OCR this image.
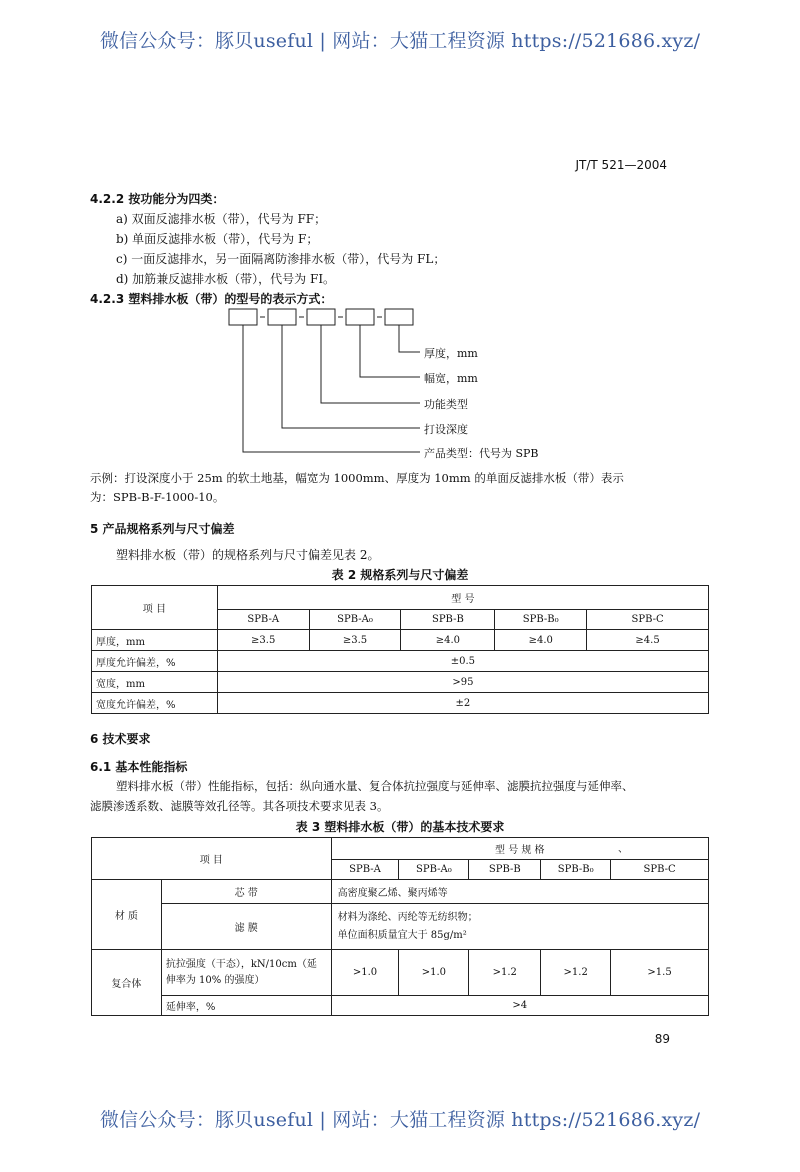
微信公众号：豚贝useful | 网站：大猫工程资源 https://521686.xyz/
JT/T 521—2004
4.2.2 按功能分为四类：
a) 双面反滤排水板（带），代号为 FF；
b) 单面反滤排水板（带），代号为 F；
c) 一面反滤排水，另一面隔离防渗排水板（带），代号为 FL；
d) 加筋兼反滤排水板（带），代号为 FI。
4.2.3 塑料排水板（带）的型号的表示方式：
厚度，mm
幅宽，mm
功能类型
打设深度
产品类型：代号为 SPB
示例：打设深度小于 25m 的软土地基，幅宽为 1000mm、厚度为 10mm 的单面反滤排水板（带）表示
为：SPB-B-F-1000-10。
5 产品规格系列与尺寸偏差
塑料排水板（带）的规格系列与尺寸偏差见表 2。
表 2 规格系列与尺寸偏差
项 目	型 号				
	SPB-A	SPB-A₀	SPB-B	SPB-B₀	SPB-C
厚度，mm	≥3.5	≥3.5	≥4.0	≥4.0	≥4.5
厚度允许偏差，%	±0.5				
宽度，mm	>95				
宽度允许偏差，%	±2				
6 技术要求
6.1 基本性能指标
塑料排水板（带）性能指标，包括：纵向通水量、复合体抗拉强度与延伸率、滤膜抗拉强度与延伸率、
滤膜渗透系数、滤膜等效孔径等。其各项技术要求见表 3。
表 3 塑料排水板（带）的基本技术要求
项 目		型 号 规 格 、				

		SPB-A	SPB-A₀	SPB-B	SPB-B₀	SPB-C
材 质	芯 带	高密度聚乙烯、聚丙烯等				
	滤 膜	材料为涤纶、丙纶等无纺织物；
单位面积质量宜大于 85g/m²				

复合体	抗拉强度（干态），kN/10cm（延伸率为 10% 的强度）	>1.0	>1.0	>1.2	>1.2	>1.5
	延伸率，%	>4				
89
微信公众号：豚贝useful | 网站：大猫工程资源 https://521686.xyz/
